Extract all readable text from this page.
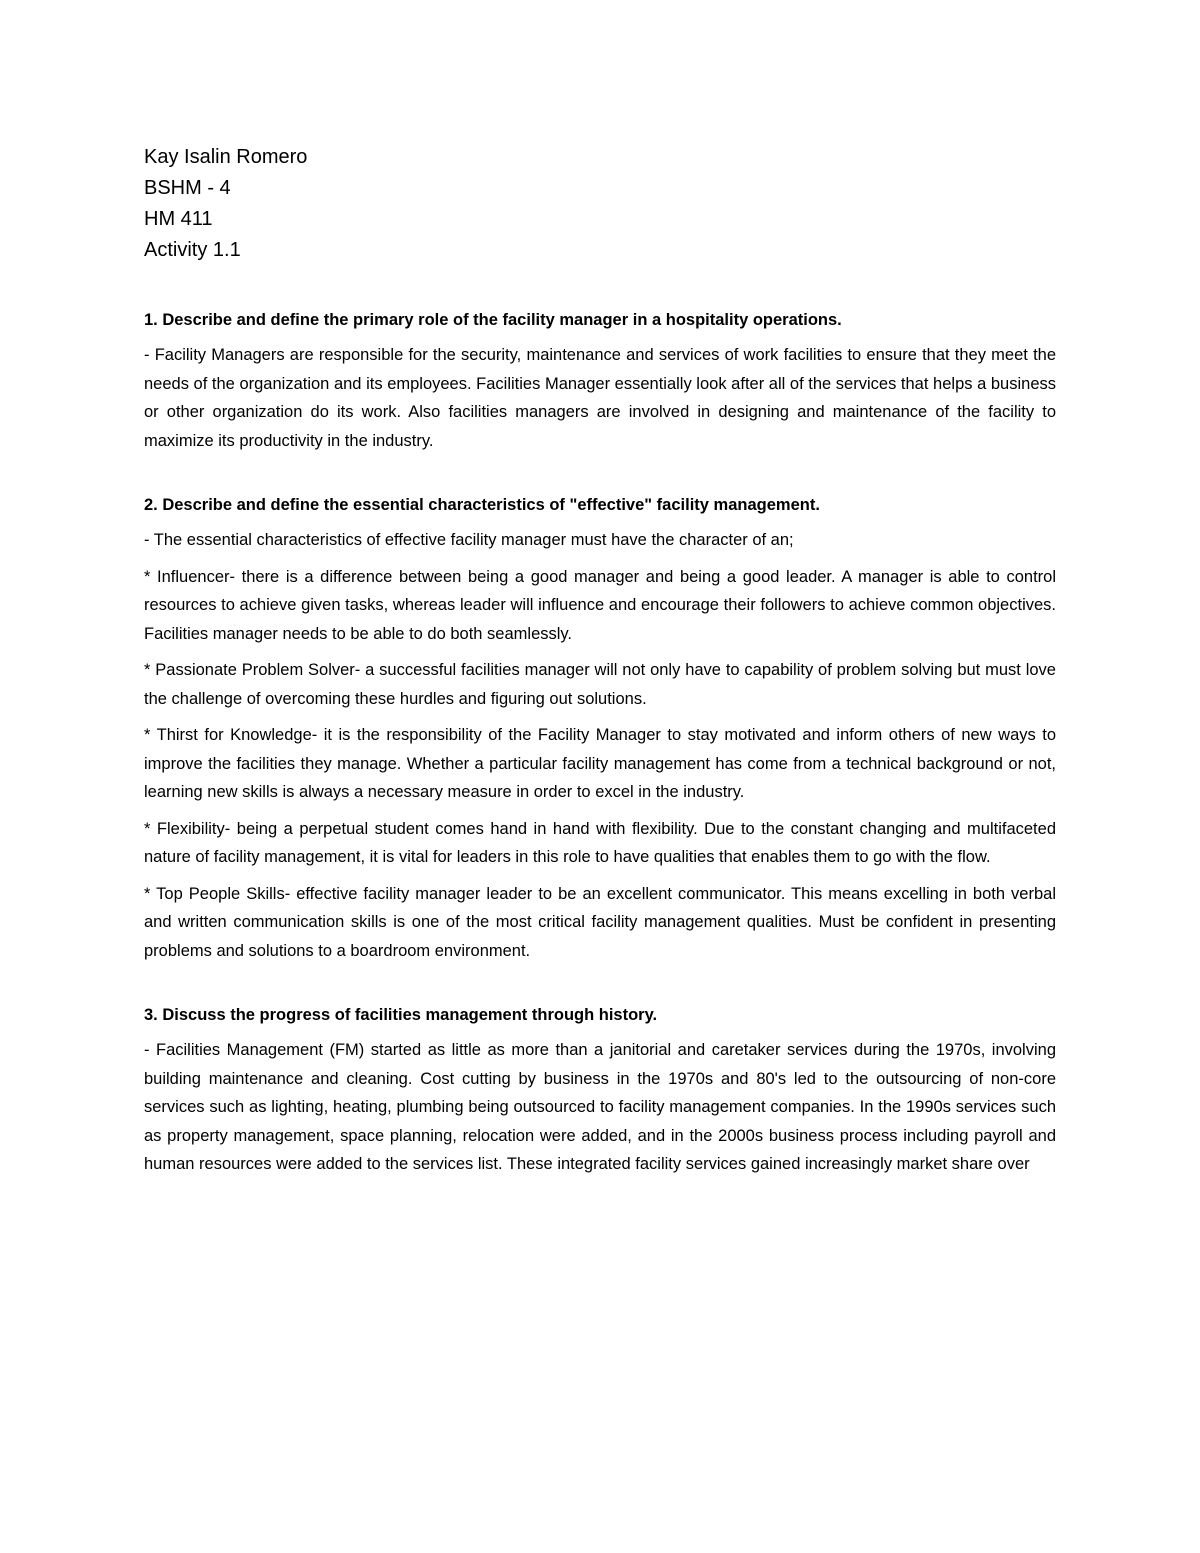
Kay Isalin Romero

BSHM - 4

HM 411

Activity 1.1

1. Describe and define the primary role of the facility manager in a hospitality operations.

- Facility Managers are responsible for the security, maintenance and services of work facilities to ensure that they meet the needs of the organization and its employees. Facilities Manager essentially look after all of the services that helps a business or other organization do its work. Also facilities managers are involved in designing and maintenance of the facility to maximize its productivity in the industry.

2. Describe and define the essential characteristics of "effective" facility management.

- The essential characteristics of effective facility manager must have the character of an;

* Influencer- there is a difference between being a good manager and being a good leader. A manager is able to control resources to achieve given tasks, whereas leader will influence and encourage their followers to achieve common objectives. Facilities manager needs to be able to do both seamlessly.

* Passionate Problem Solver- a successful facilities manager will not only have to capability of problem solving but must love the challenge of overcoming these hurdles and figuring out solutions.

* Thirst for Knowledge- it is the responsibility of the Facility Manager to stay motivated and inform others of new ways to improve the facilities they manage. Whether a particular facility management has come from a technical background or not, learning new skills is always a necessary measure in order to excel in the industry.

* Flexibility- being a perpetual student comes hand in hand with flexibility. Due to the constant changing and multifaceted nature of facility management, it is vital for leaders in this role to have qualities that enables them to go with the flow.

* Top People Skills- effective facility manager leader to be an excellent communicator. This means excelling in both verbal and written communication skills is one of the most critical facility management qualities. Must be confident in presenting problems and solutions to a boardroom environment.

3. Discuss the progress of facilities management through history.

- Facilities Management (FM) started as little as more than a janitorial and caretaker services during the 1970s, involving building maintenance and cleaning. Cost cutting by business in the 1970s and 80's led to the outsourcing of non-core services such as lighting, heating, plumbing being outsourced to facility management companies. In the 1990s services such as property management, space planning, relocation were added, and in the 2000s business process including payroll and human resources were added to the services list. These integrated facility services gained increasingly market share over
